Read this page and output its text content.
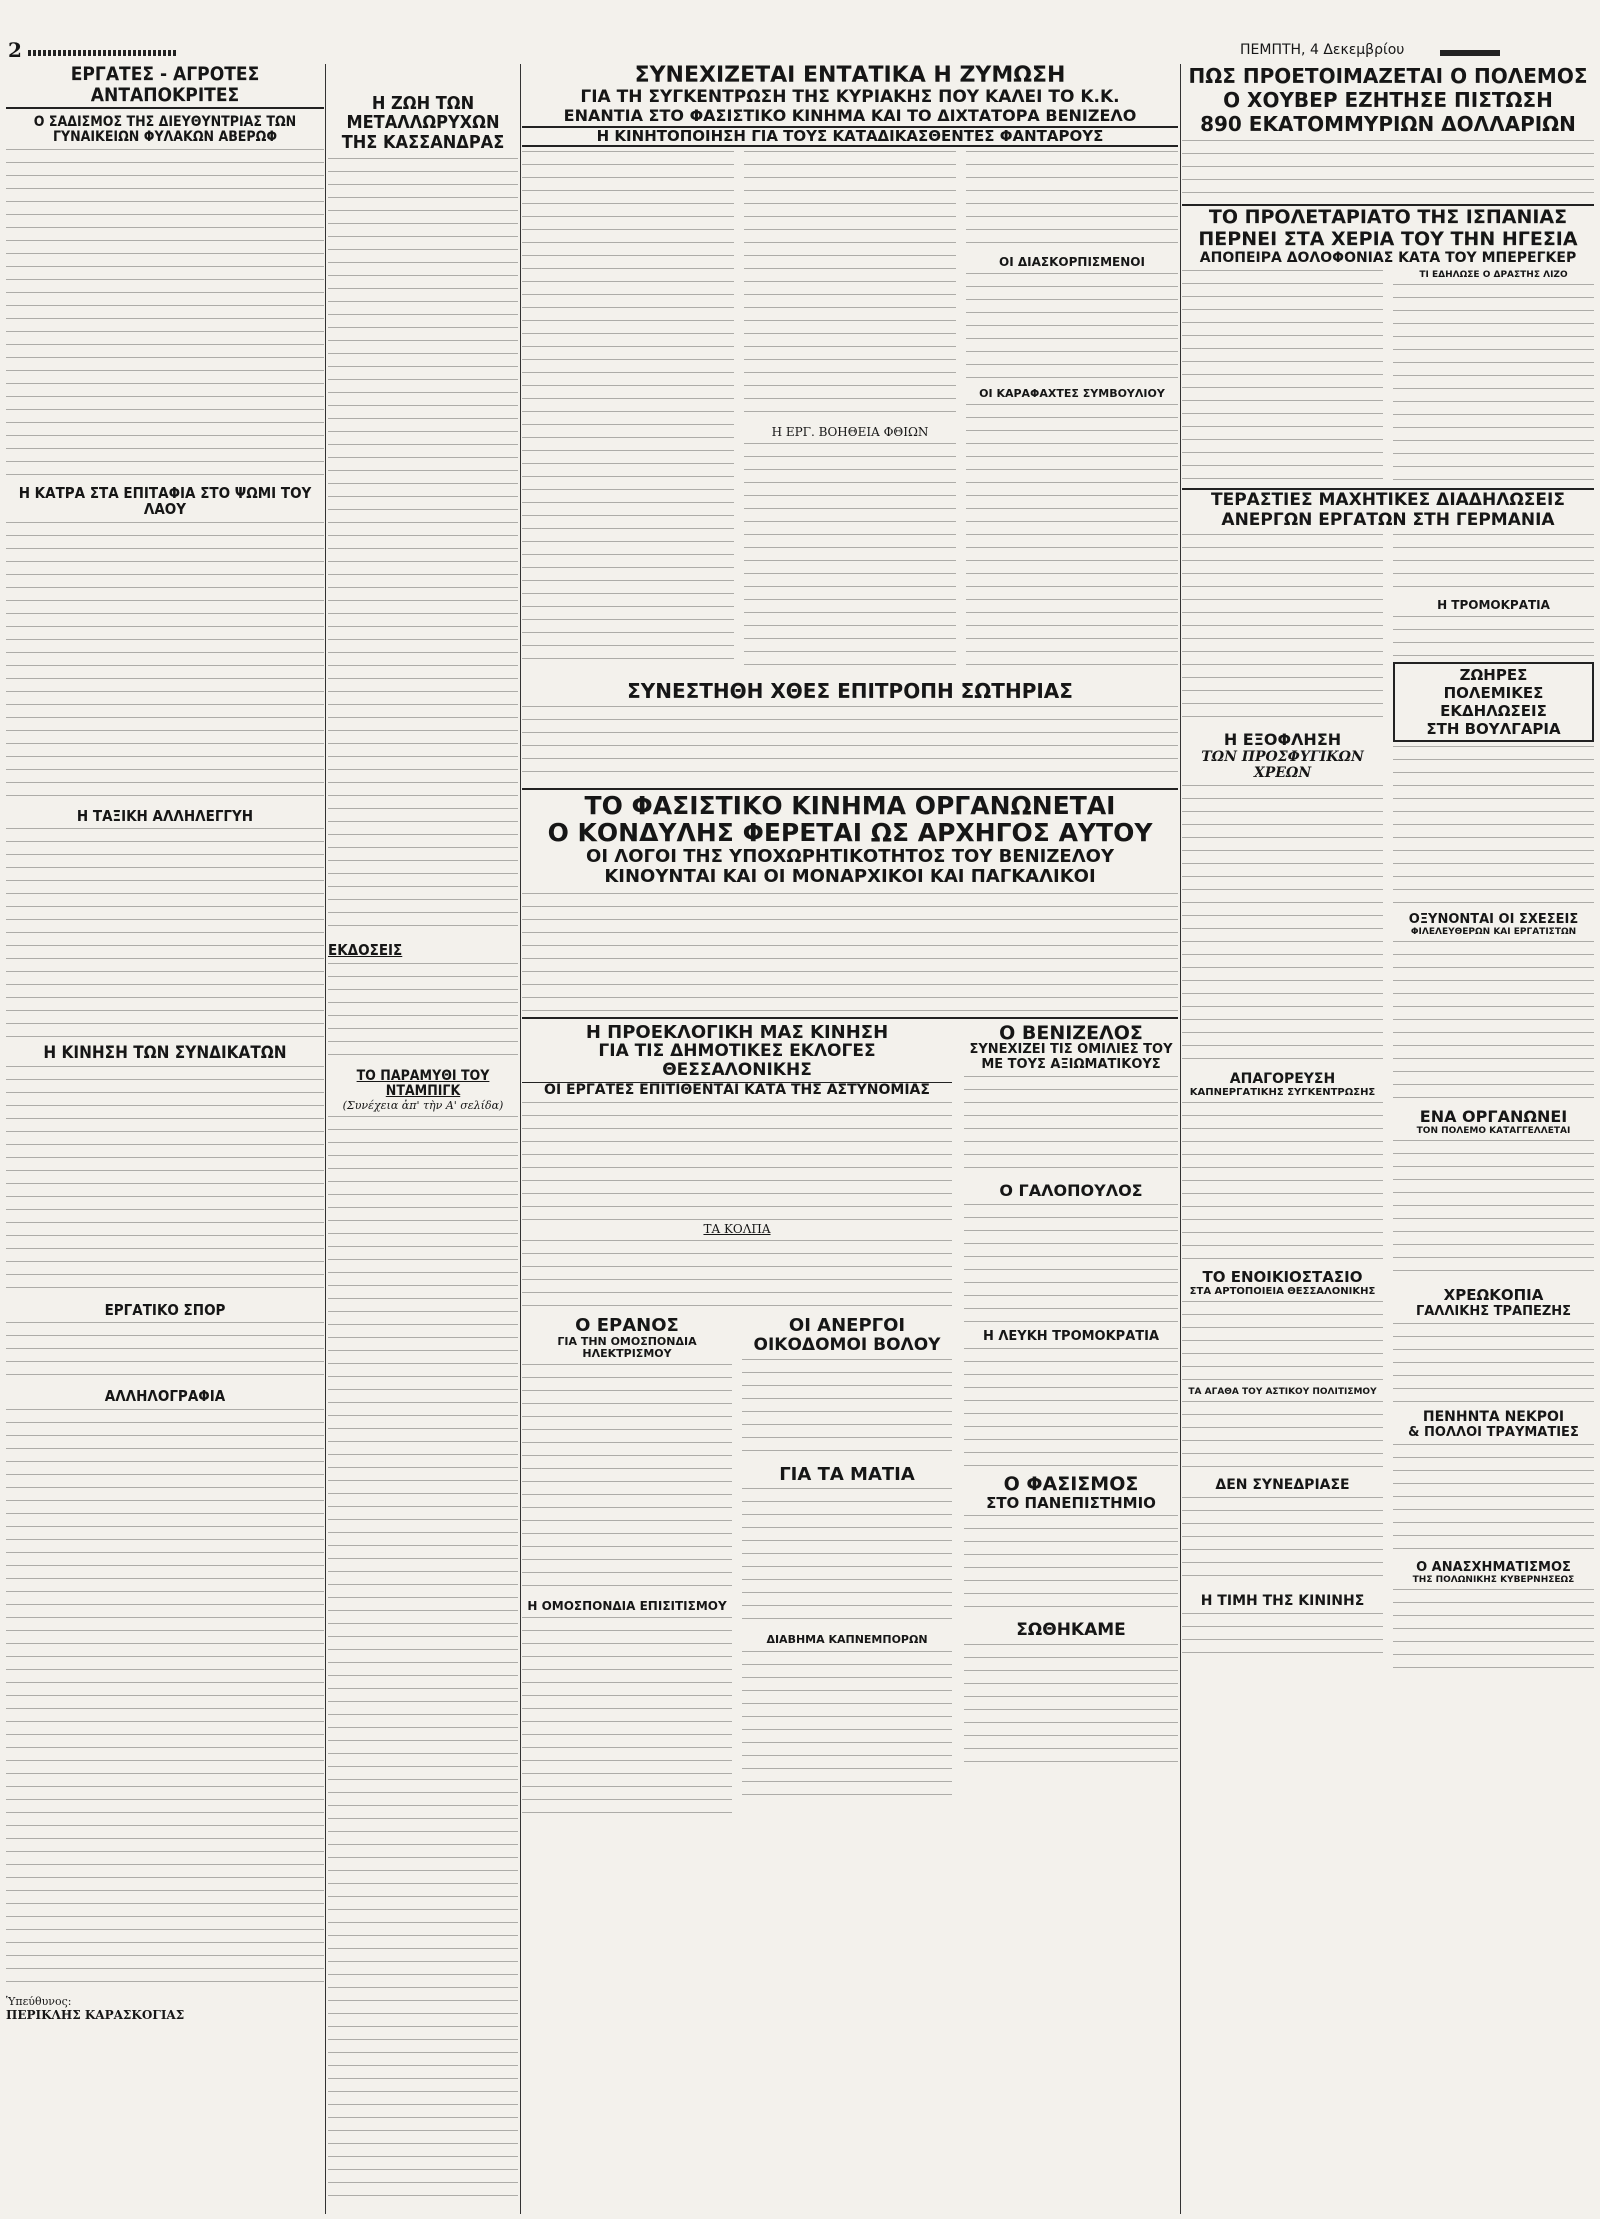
2	ΠΕΜΠΤΗ, 4 Δεκεμβρίου
ΕΡΓΑΤΕΣ - ΑΓΡΟΤΕΣ ΑΝΤΑΠΟΚΡΙΤΕΣ
Ο ΣΑΔΙΣΜΟΣ ΤΗΣ ΔΙΕΥΘΥΝΤΡΙΑΣ ΤΩΝ ΓΥΝΑΙΚΕΙΩΝ ΦΥΛΑΚΩΝ ΑΒΕΡΩΦ
Η ΚΑΤΡΑ ΣΤΑ ΕΠΙΤΑΦΙΑ ΣΤΟ ΨΩΜΙ ΤΟΥ ΛΑΟΥ
Η ΤΑΞΙΚΗ ΑΛΛΗΛΕΓΓΥΗ
Η ΚΙΝΗΣΗ ΤΩΝ ΣΥΝΔΙΚΑΤΩΝ
ΕΡΓΑΤΙΚΟ ΣΠΟΡ
ΑΛΛΗΛΟΓΡΑΦΙΑ
Ὑπεύθυνος:
ΠΕΡΙΚΛΗΣ ΚΑΡΑΣΚΟΓΙΑΣ
Η ΖΩΗ ΤΩΝ ΜΕΤΑΛΛΩΡΥΧΩΝ ΤΗΣ ΚΑΣΣΑΝΔΡΑΣ
ΕΚΔΟΣΕΙΣ
ΤΟ ΠΑΡΑΜΥΘΙ ΤΟΥ ΝΤΑΜΠΙΓΚ
(Συνέχεια ἀπ' τὴν Α' σελίδα)
ΣΥΝΕΧΙΖΕΤΑΙ ΕΝΤΑΤΙΚΑ Η ΖΥΜΩΣΗ
ΓΙΑ ΤΗ ΣΥΓΚΕΝΤΡΩΣΗ ΤΗΣ ΚΥΡΙΑΚΗΣ ΠΟΥ ΚΑΛΕΙ ΤΟ Κ.Κ.
ΕΝΑΝΤΙΑ ΣΤΟ ΦΑΣΙΣΤΙΚΟ ΚΙΝΗΜΑ ΚΑΙ ΤΟ ΔΙΧΤΑΤΟΡΑ ΒΕΝΙΖΕΛΟ
Η ΚΙΝΗΤΟΠΟΙΗΣΗ ΓΙΑ ΤΟΥΣ ΚΑΤΑΔΙΚΑΣΘΕΝΤΕΣ ΦΑΝΤΑΡΟΥΣ
Η ΕΡΓ. ΒΟΗΘΕΙΑ ΦΘΙΩΝ
ΟΙ ΔΙΑΣΚΟΡΠΙΣΜΕΝΟΙ
ΟΙ ΚΑΡΑΦΑΧΤΕΣ ΣΥΜΒΟΥΛΙΟΥ
ΣΥΝΕΣΤΗΘΗ ΧΘΕΣ ΕΠΙΤΡΟΠΗ ΣΩΤΗΡΙΑΣ
ΤΟ ΦΑΣΙΣΤΙΚΟ ΚΙΝΗΜΑ ΟΡΓΑΝΩΝΕΤΑΙ
Ο ΚΟΝΔΥΛΗΣ ΦΕΡΕΤΑΙ ΩΣ ΑΡΧΗΓΟΣ ΑΥΤΟΥ
ΟΙ ΛΟΓΟΙ ΤΗΣ ΥΠΟΧΩΡΗΤΙΚΟΤΗΤΟΣ ΤΟΥ ΒΕΝΙΖΕΛΟΥ
ΚΙΝΟΥΝΤΑΙ ΚΑΙ ΟΙ ΜΟΝΑΡΧΙΚΟΙ ΚΑΙ ΠΑΓΚΑΛΙΚΟΙ
Η ΠΡΟΕΚΛΟΓΙΚΗ ΜΑΣ ΚΙΝΗΣΗ
ΓΙΑ ΤΙΣ ΔΗΜΟΤΙΚΕΣ ΕΚΛΟΓΕΣ ΘΕΣΣΑΛΟΝΙΚΗΣ
ΟΙ ΕΡΓΑΤΕΣ ΕΠΙΤΙΘΕΝΤΑΙ ΚΑΤΑ ΤΗΣ ΑΣΤΥΝΟΜΙΑΣ
ΤΑ ΚΟΛΠΑ
Ο ΕΡΑΝΟΣ
ΓΙΑ ΤΗΝ ΟΜΟΣΠΟΝΔΙΑ ΗΛΕΚΤΡΙΣΜΟΥ
Η ΟΜΟΣΠΟΝΔΙΑ ΕΠΙΣΙΤΙΣΜΟΥ
ΟΙ ΑΝΕΡΓΟΙ
ΟΙΚΟΔΟΜΟΙ ΒΟΛΟΥ
ΓΙΑ ΤΑ ΜΑΤΙΑ
ΔΙΑΒΗΜΑ ΚΑΠΝΕΜΠΟΡΩΝ
Ο ΒΕΝΙΖΕΛΟΣ
ΣΥΝΕΧΙΖΕΙ ΤΙΣ ΟΜΙΛΙΕΣ ΤΟΥ ΜΕ ΤΟΥΣ ΑΞΙΩΜΑΤΙΚΟΥΣ
Ο ΓΑΛΟΠΟΥΛΟΣ
Η ΛΕΥΚΗ ΤΡΟΜΟΚΡΑΤΙΑ
Ο ΦΑΣΙΣΜΟΣ
ΣΤΟ ΠΑΝΕΠΙΣΤΗΜΙΟ
ΣΩΘΗΚΑΜΕ
ΠΩΣ ΠΡΟΕΤΟΙΜΑΖΕΤΑΙ Ο ΠΟΛΕΜΟΣ
Ο ΧΟΥΒΕΡ ΕΖΗΤΗΣΕ ΠΙΣΤΩΣΗ
890 ΕΚΑΤΟΜΜΥΡΙΩΝ ΔΟΛΛΑΡΙΩΝ
ΤΟ ΠΡΟΛΕΤΑΡΙΑΤΟ ΤΗΣ ΙΣΠΑΝΙΑΣ
ΠΕΡΝΕΙ ΣΤΑ ΧΕΡΙΑ ΤΟΥ ΤΗΝ ΗΓΕΣΙΑ
ΑΠΟΠΕΙΡΑ ΔΟΛΟΦΟΝΙΑΣ ΚΑΤΑ ΤΟΥ ΜΠΕΡΕΓΚΕΡ
ΤΙ ΕΔΗΛΩΣΕ Ο ΔΡΑΣΤΗΣ ΛΙΖΟ
ΤΕΡΑΣΤΙΕΣ ΜΑΧΗΤΙΚΕΣ ΔΙΑΔΗΛΩΣΕΙΣ
ΑΝΕΡΓΩΝ ΕΡΓΑΤΩΝ ΣΤΗ ΓΕΡΜΑΝΙΑ
Η ΕΞΟΦΛΗΣΗ
ΤΩΝ ΠΡΟΣΦΥΓΙΚΩΝ ΧΡΕΩΝ
ΑΠΑΓΟΡΕΥΣΗ
ΚΑΠΝΕΡΓΑΤΙΚΗΣ ΣΥΓΚΕΝΤΡΩΣΗΣ
ΤΟ ΕΝΟΙΚΙΟΣΤΑΣΙΟ
ΣΤΑ ΑΡΤΟΠΟΙΕΙΑ ΘΕΣΣΑΛΟΝΙΚΗΣ
ΤΑ ΑΓΑΘΑ ΤΟΥ ΑΣΤΙΚΟΥ ΠΟΛΙΤΙΣΜΟΥ
ΔΕΝ ΣΥΝΕΔΡΙΑΣΕ
Η ΤΙΜΗ ΤΗΣ ΚΙΝΙΝΗΣ
Η ΤΡΟΜΟΚΡΑΤΙΑ
ΖΩΗΡΕΣ
ΠΟΛΕΜΙΚΕΣ ΕΚΔΗΛΩΣΕΙΣ
ΣΤΗ ΒΟΥΛΓΑΡΙΑ
ΟΞΥΝΟΝΤΑΙ ΟΙ ΣΧΕΣΕΙΣ
ΦΙΛΕΛΕΥΘΕΡΩΝ ΚΑΙ ΕΡΓΑΤΙΣΤΩΝ
ΕΝΑ ΟΡΓΑΝΩΝΕΙ
ΤΟΝ ΠΟΛΕΜΟ ΚΑΤΑΓΓΕΛΛΕΤΑΙ
ΧΡΕΩΚΟΠΙΑ
ΓΑΛΛΙΚΗΣ ΤΡΑΠΕΖΗΣ
ΠΕΝΗΝΤΑ ΝΕΚΡΟΙ
& ΠΟΛΛΟΙ ΤΡΑΥΜΑΤΙΕΣ
Ο ΑΝΑΣΧΗΜΑΤΙΣΜΟΣ
ΤΗΣ ΠΟΛΩΝΙΚΗΣ ΚΥΒΕΡΝΗΣΕΩΣ
